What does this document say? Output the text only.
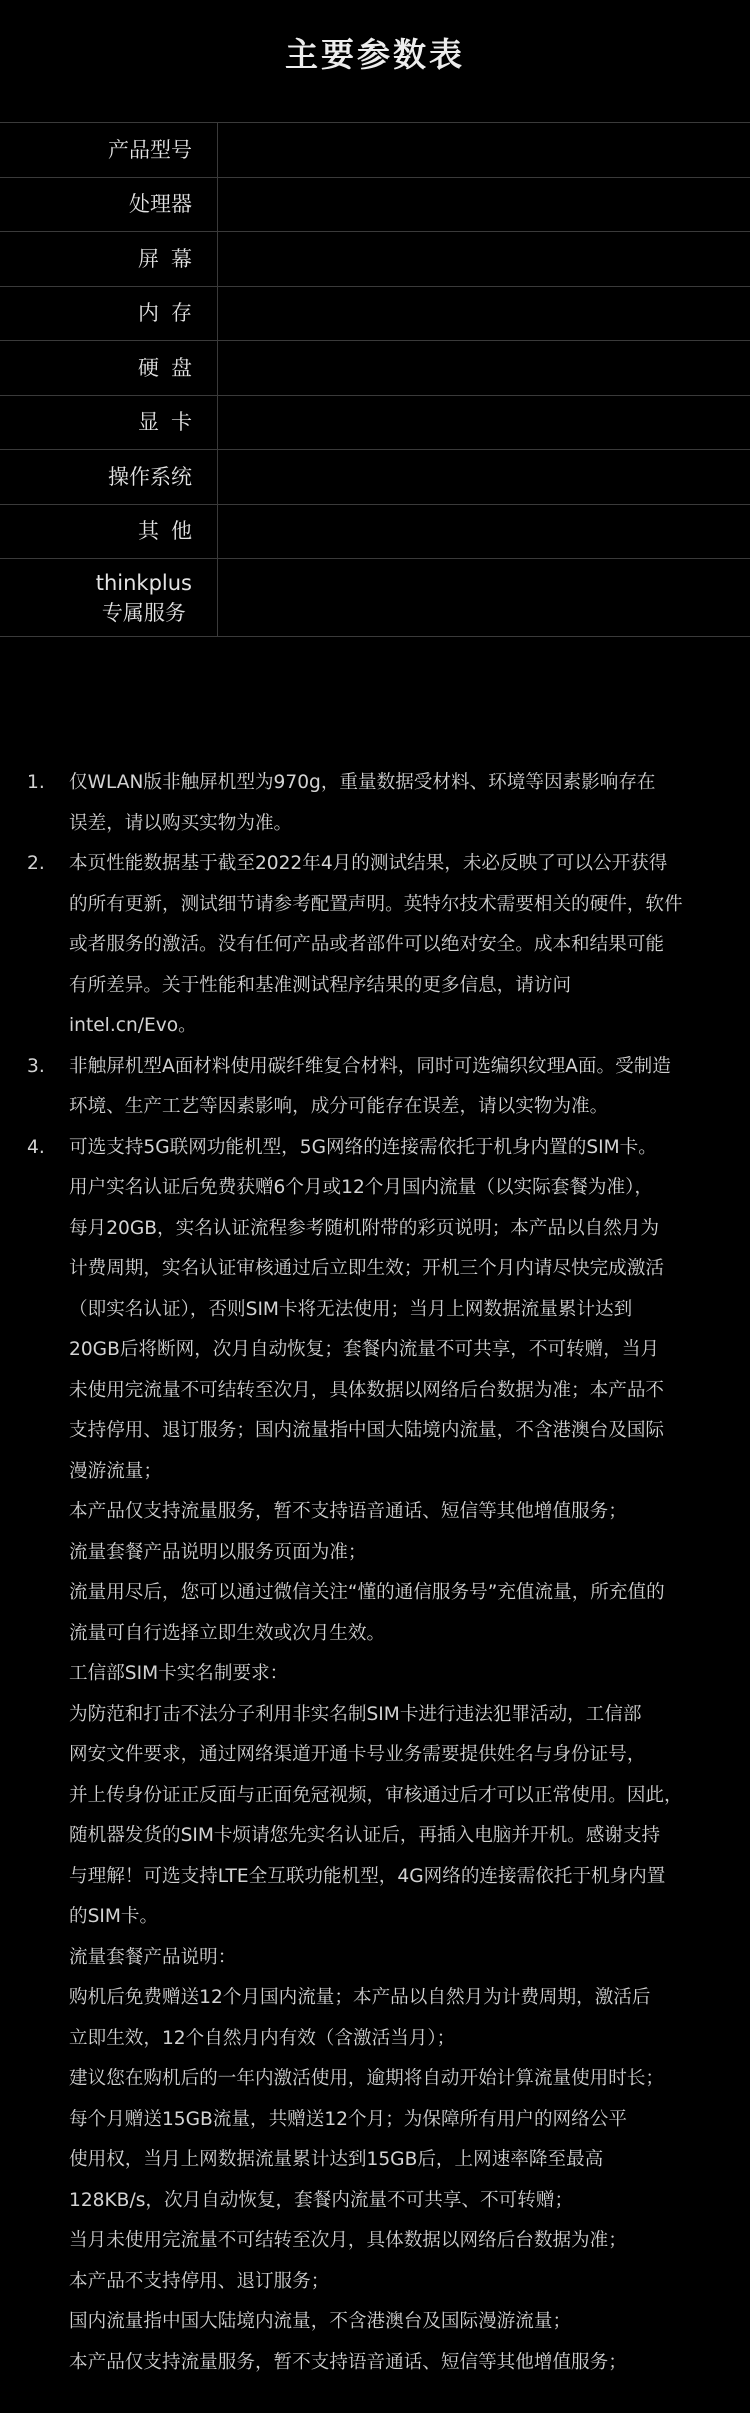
主要参数表
产品型号
处理器
屏幕
内存
硬盘
显卡
操作系统
其他
thinkplus
专属服务
1.	仅WLAN版非触屏机型为970g，重量数据受材料、环境等因素影响存在
误差，请以购买实物为准。
2.	本页性能数据基于截至2022年4月的测试结果，未必反映了可以公开获得
的所有更新，测试细节请参考配置声明。英特尔技术需要相关的硬件，软件
或者服务的激活。没有任何产品或者部件可以绝对安全。成本和结果可能
有所差异。关于性能和基准测试程序结果的更多信息，请访问
intel.cn/Evo。
3.	非触屏机型A面材料使用碳纤维复合材料，同时可选编织纹理A面。受制造
环境、生产工艺等因素影响，成分可能存在误差，请以实物为准。
4.	可选支持5G联网功能机型，5G网络的连接需依托于机身内置的SIM卡。
用户实名认证后免费获赠6个月或12个月国内流量（以实际套餐为准），
每月20GB，实名认证流程参考随机附带的彩页说明；本产品以自然月为
计费周期，实名认证审核通过后立即生效；开机三个月内请尽快完成激活
（即实名认证），否则SIM卡将无法使用；当月上网数据流量累计达到
20GB后将断网，次月自动恢复；套餐内流量不可共享，不可转赠，当月
未使用完流量不可结转至次月，具体数据以网络后台数据为准；本产品不
支持停用、退订服务；国内流量指中国大陆境内流量，不含港澳台及国际
漫游流量；
本产品仅支持流量服务，暂不支持语音通话、短信等其他增值服务；
流量套餐产品说明以服务页面为准；
流量用尽后，您可以通过微信关注“懂的通信服务号”充值流量，所充值的
流量可自行选择立即生效或次月生效。
工信部SIM卡实名制要求：
为防范和打击不法分子利用非实名制SIM卡进行违法犯罪活动，工信部
网安文件要求，通过网络渠道开通卡号业务需要提供姓名与身份证号，
并上传身份证正反面与正面免冠视频，审核通过后才可以正常使用。因此，
随机器发货的SIM卡烦请您先实名认证后，再插入电脑并开机。感谢支持
与理解！可选支持LTE全互联功能机型，4G网络的连接需依托于机身内置
的SIM卡。
流量套餐产品说明：
购机后免费赠送12个月国内流量；本产品以自然月为计费周期，激活后
立即生效，12个自然月内有效（含激活当月）；
建议您在购机后的一年内激活使用，逾期将自动开始计算流量使用时长；
每个月赠送15GB流量，共赠送12个月；为保障所有用户的网络公平
使用权，当月上网数据流量累计达到15GB后，上网速率降至最高
128KB/s，次月自动恢复，套餐内流量不可共享、不可转赠；
当月未使用完流量不可结转至次月，具体数据以网络后台数据为准；
本产品不支持停用、退订服务；
国内流量指中国大陆境内流量，不含港澳台及国际漫游流量；
本产品仅支持流量服务，暂不支持语音通话、短信等其他增值服务；
